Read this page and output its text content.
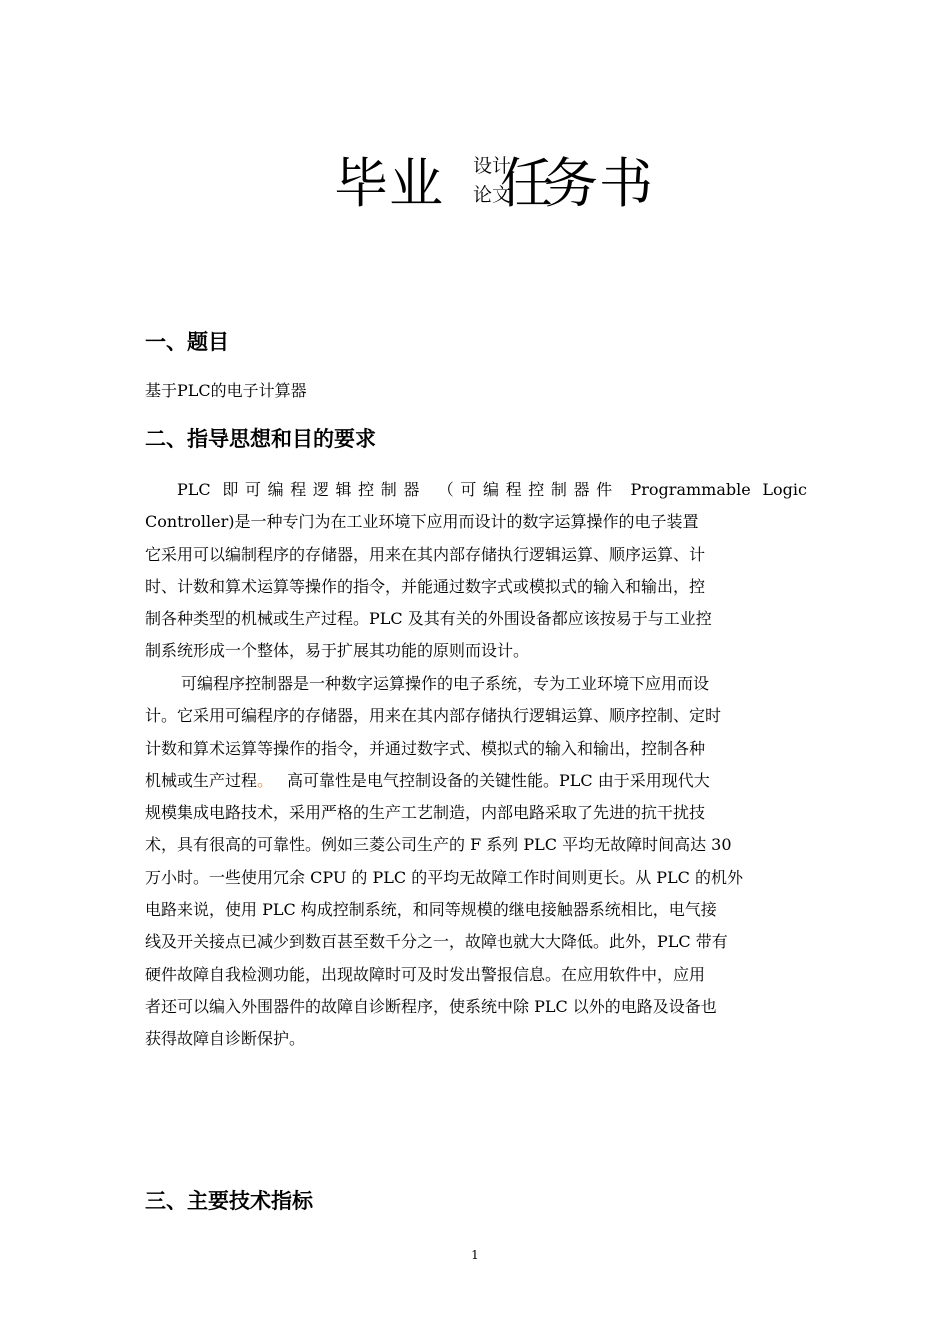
毕业 设计
论文
任务书
一、题目
基于PLC的电子计算器
二、指导思想和目的要求
PLC 即可编程逻辑控制器 （可编程控制器件 Programmable Logic
Controller)是一种专门为在工业环境下应用而设计的数字运算操作的电子装置
它采用可以编制程序的存储器，用来在其内部存储执行逻辑运算、顺序运算、计
时、计数和算术运算等操作的指令，并能通过数字式或模拟式的输入和输出，控
制各种类型的机械或生产过程。PLC 及其有关的外围设备都应该按易于与工业控
制系统形成一个整体，易于扩展其功能的原则而设计。
可编程序控制器是一种数字运算操作的电子系统，专为工业环境下应用而设
计。它采用可编程序的存储器，用来在其内部存储执行逻辑运算、顺序控制、定时
计数和算术运算等操作的指令，并通过数字式、模拟式的输入和输出，控制各种
机械或生产过程。 高可靠性是电气控制设备的关键性能。PLC 由于采用现代大
规模集成电路技术，采用严格的生产工艺制造，内部电路采取了先进的抗干扰技
术，具有很高的可靠性。例如三菱公司生产的 F 系列 PLC 平均无故障时间高达 30
万小时。一些使用冗余 CPU 的 PLC 的平均无故障工作时间则更长。从 PLC 的机外
电路来说，使用 PLC 构成控制系统，和同等规模的继电接触器系统相比，电气接
线及开关接点已减少到数百甚至数千分之一，故障也就大大降低。此外，PLC 带有
硬件故障自我检测功能，出现故障时可及时发出警报信息。在应用软件中，应用
者还可以编入外围器件的故障自诊断程序，使系统中除 PLC 以外的电路及设备也
获得故障自诊断保护。
三、主要技术指标
1
